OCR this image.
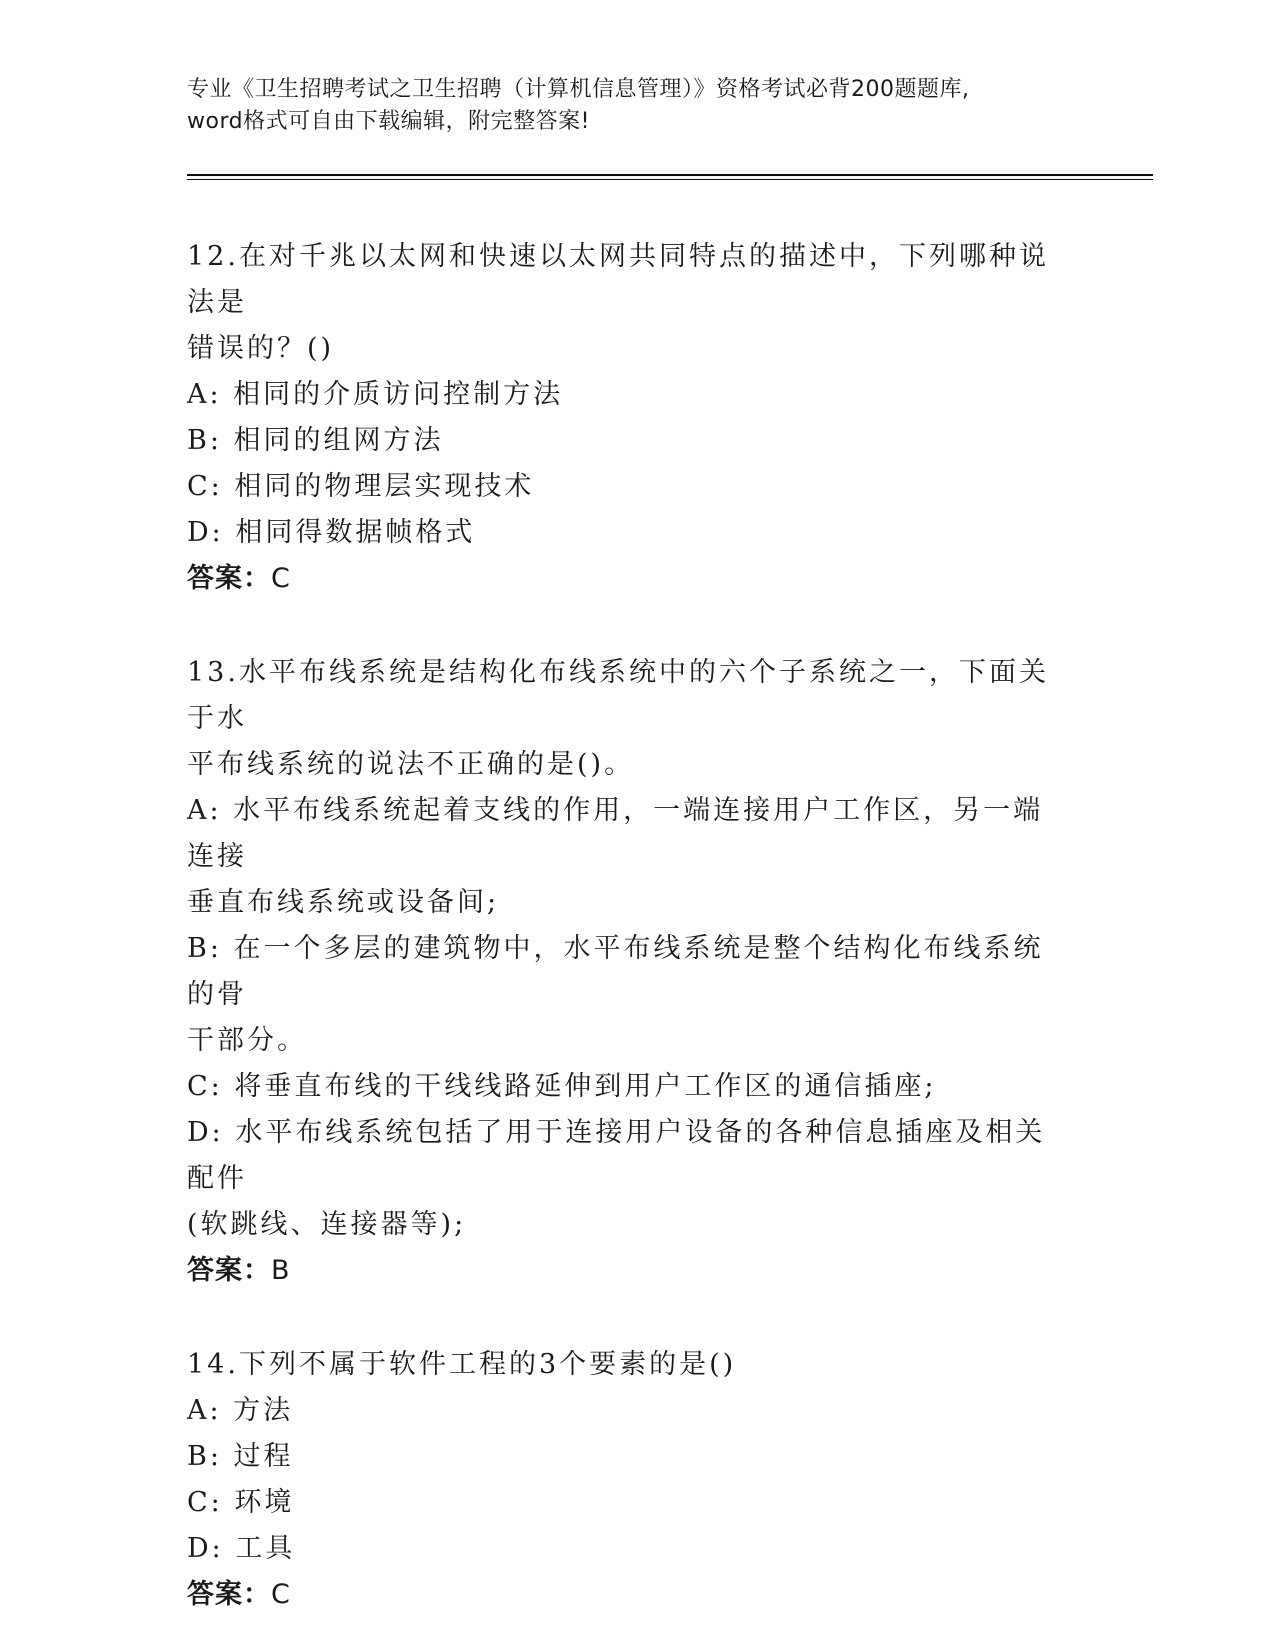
专业《卫生招聘考试之卫生招聘（计算机信息管理）》资格考试必背200题题库,
word格式可自由下载编辑，附完整答案!
12.在对千兆以太网和快速以太网共同特点的描述中，下列哪种说法是
错误的？()
A: 相同的介质访问控制方法
B: 相同的组网方法
C: 相同的物理层实现技术
D: 相同得数据帧格式
答案：C
13.水平布线系统是结构化布线系统中的六个子系统之一，下面关于水
平布线系统的说法不正确的是()。
A: 水平布线系统起着支线的作用，一端连接用户工作区，另一端连接
垂直布线系统或设备间;
B: 在一个多层的建筑物中，水平布线系统是整个结构化布线系统的骨
干部分。
C: 将垂直布线的干线线路延伸到用户工作区的通信插座;
D: 水平布线系统包括了用于连接用户设备的各种信息插座及相关配件
(软跳线、连接器等);
答案：B
14.下列不属于软件工程的3个要素的是()
A: 方法
B: 过程
C: 环境
D: 工具
答案：C
